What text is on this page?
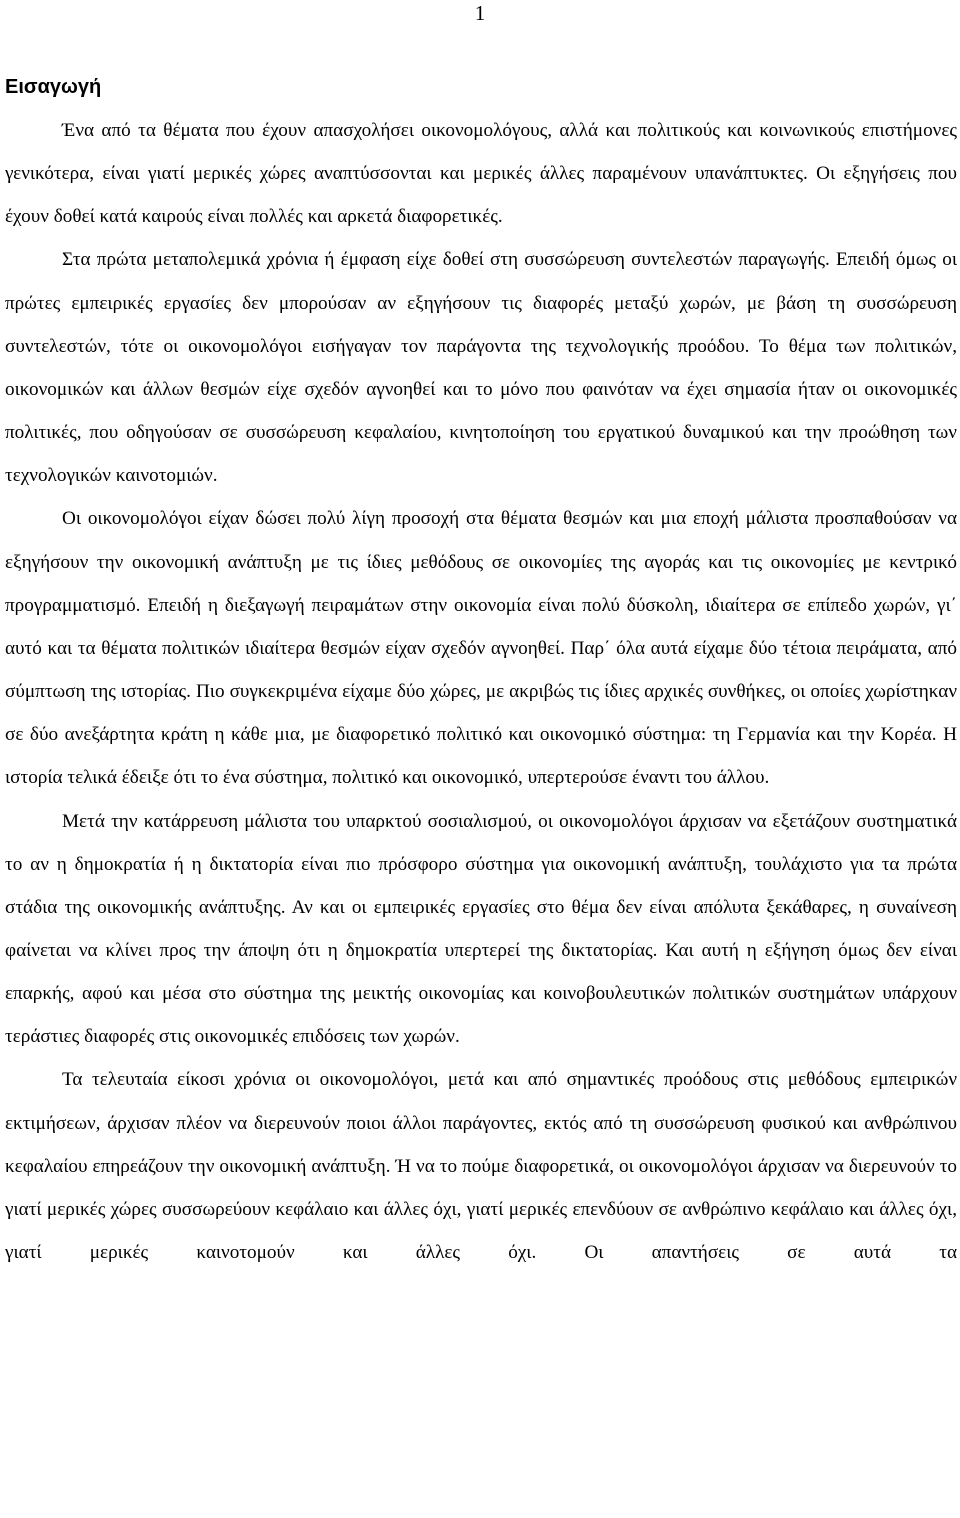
1
Εισαγωγή

Ένα από τα θέματα που έχουν απασχολήσει οικονομολόγους, αλλά και πολιτικούς και κοινωνικούς επιστήμονες γενικότερα, είναι γιατί μερικές χώρες αναπτύσσονται και μερικές άλλες παραμένουν υπανάπτυκτες. Οι εξηγήσεις που έχουν δοθεί κατά καιρούς είναι πολλές και αρκετά διαφορετικές.

Στα πρώτα μεταπολεμικά χρόνια ή έμφαση είχε δοθεί στη συσσώρευση συντελεστών παραγωγής. Επειδή όμως οι πρώτες εμπειρικές εργασίες δεν μπορούσαν αν εξηγήσουν τις διαφορές μεταξύ χωρών, με βάση τη συσσώρευση συντελεστών, τότε οι οικονομολόγοι εισήγαγαν τον παράγοντα της τεχνολογικής προόδου. Το θέμα των πολιτικών, οικονομικών και άλλων θεσμών είχε σχεδόν αγνοηθεί και το μόνο που φαινόταν να έχει σημασία ήταν οι οικονομικές πολιτικές, που οδηγούσαν σε συσσώρευση κεφαλαίου, κινητοποίηση του εργατικού δυναμικού και την προώθηση των τεχνολογικών καινοτομιών.

Οι οικονομολόγοι είχαν δώσει πολύ λίγη προσοχή στα θέματα θεσμών και μια εποχή μάλιστα προσπαθούσαν να εξηγήσουν την οικονομική ανάπτυξη με τις ίδιες μεθόδους σε οικονομίες της αγοράς και τις οικονομίες με κεντρικό προγραμματισμό. Επειδή η διεξαγωγή πειραμάτων στην οικονομία είναι πολύ δύσκολη, ιδιαίτερα σε επίπεδο χωρών, γι΄ αυτό και τα θέματα πολιτικών ιδιαίτερα θεσμών είχαν σχεδόν αγνοηθεί. Παρ΄ όλα αυτά είχαμε δύο τέτοια πειράματα, από σύμπτωση της ιστορίας. Πιο συγκεκριμένα είχαμε δύο χώρες, με ακριβώς τις ίδιες αρχικές συνθήκες, οι οποίες χωρίστηκαν σε δύο ανεξάρτητα κράτη η κάθε μια, με διαφορετικό πολιτικό και οικονομικό σύστημα: τη Γερμανία και την Κορέα. Η ιστορία τελικά έδειξε ότι το ένα σύστημα, πολιτικό και οικονομικό, υπερτερούσε έναντι του άλλου.

Μετά την κατάρρευση μάλιστα του υπαρκτού σοσιαλισμού, οι οικονομολόγοι άρχισαν να εξετάζουν συστηματικά το αν η δημοκρατία ή η δικτατορία είναι πιο πρόσφορο σύστημα για οικονομική ανάπτυξη, τουλάχιστο για τα πρώτα στάδια της οικονομικής ανάπτυξης. Αν και οι εμπειρικές εργασίες στο θέμα δεν είναι απόλυτα ξεκάθαρες, η συναίνεση φαίνεται να κλίνει προς την άποψη ότι η δημοκρατία υπερτερεί της δικτατορίας. Και αυτή η εξήγηση όμως δεν είναι επαρκής, αφού και μέσα στο σύστημα της μεικτής οικονομίας και κοινοβουλευτικών πολιτικών συστημάτων υπάρχουν τεράστιες διαφορές στις οικονομικές επιδόσεις των χωρών.

Τα τελευταία είκοσι χρόνια οι οικονομολόγοι, μετά και από σημαντικές προόδους στις μεθόδους εμπειρικών εκτιμήσεων, άρχισαν πλέον να διερευνούν ποιοι άλλοι παράγοντες, εκτός από τη συσσώρευση φυσικού και ανθρώπινου κεφαλαίου επηρεάζουν την οικονομική ανάπτυξη. Ή να το πούμε διαφορετικά, οι οικονομολόγοι άρχισαν να διερευνούν το γιατί μερικές χώρες συσσωρεύουν κεφάλαιο και άλλες όχι, γιατί μερικές επενδύουν σε ανθρώπινο κεφάλαιο και άλλες όχι, γιατί μερικές καινοτομούν και άλλες όχι. Οι απαντήσεις σε αυτά τα
